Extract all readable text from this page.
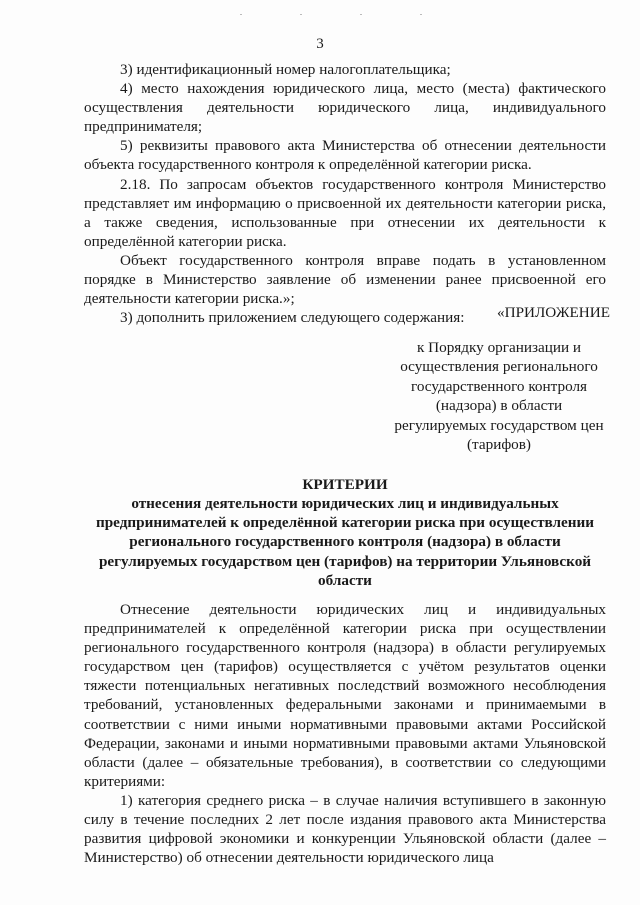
3

3) идентификационный номер налогоплательщика;

4) место нахождения юридического лица, место (места) фактического осуществления деятельности юридического лица, индивидуального предпринимателя;

5) реквизиты правового акта Министерства об отнесении деятельности объекта государственного контроля к определённой категории риска.

2.18. По запросам объектов государственного контроля Министерство представляет им информацию о присвоенной их деятельности категории риска, а также сведения, использованные при отнесении их деятельности к определённой категории риска.

Объект государственного контроля вправе подать в установленном порядке в Министерство заявление об изменении ранее присвоенной его деятельности категории риска.»;

3) дополнить приложением следующего содержания:	«ПРИЛОЖЕНИЕ
к Порядку организации и осуществления регионального государственного контроля (надзора) в области регулируемых государством цен (тарифов)
КРИТЕРИИ
отнесения деятельности юридических лиц и индивидуальных предпринимателей к определённой категории риска при осуществлении регионального государственного контроля (надзора) в области регулируемых государством цен (тарифов) на территории Ульяновской области

Отнесение деятельности юридических лиц и индивидуальных предпринимателей к определённой категории риска при осуществлении регионального государственного контроля (надзора) в области регулируемых государством цен (тарифов) осуществляется с учётом результатов оценки тяжести потенциальных негативных последствий возможного несоблюдения требований, установленных федеральными законами и принимаемыми в соответствии с ними иными нормативными правовыми актами Российской Федерации, законами и иными нормативными правовыми актами Ульяновской области (далее – обязательные требования), в соответствии со следующими критериями:

1) категория среднего риска – в случае наличия вступившего в законную силу в течение последних 2 лет после издания правового акта Министерства развития цифровой экономики и конкуренции Ульяновской области (далее – Министерство) об отнесении деятельности юридического лица
